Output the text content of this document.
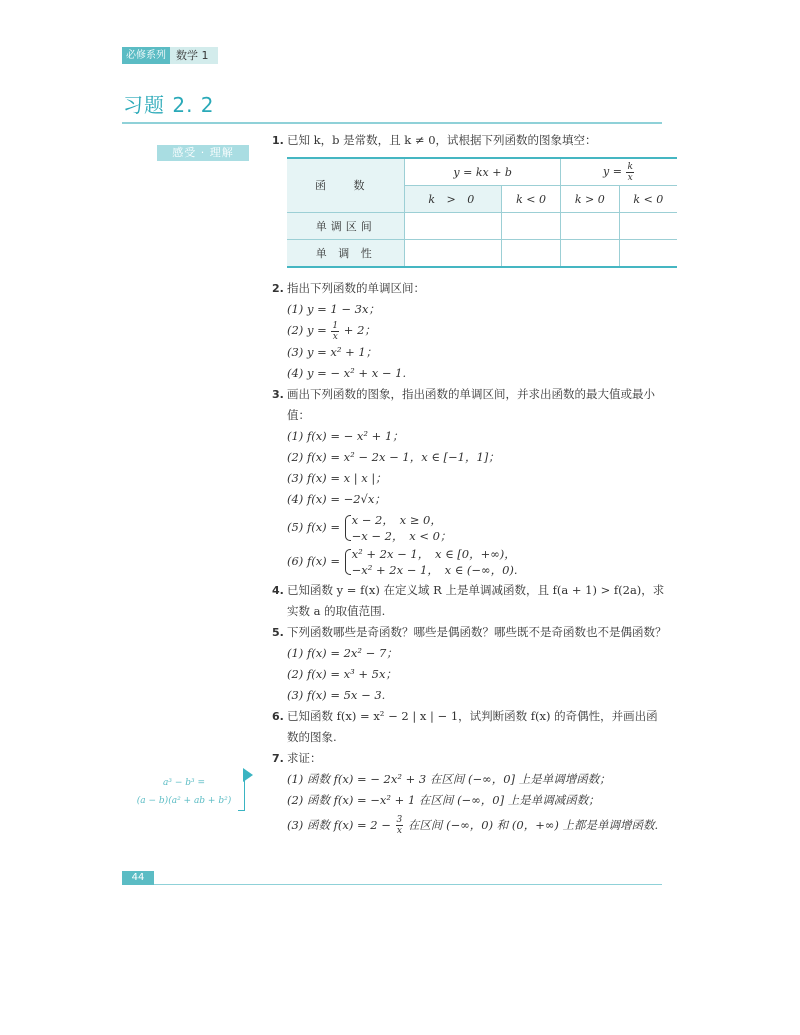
必修系列 数学 1
习题 2. 2
感受 · 理解
1. 已知 k，b 是常数，且 k ≠ 0，试根据下列函数的图象填空：
函 数	y = kx + b		$y = \frac{k}{x}$

	k > 0	k < 0	k > 0	k < 0
单调区间				
单 调 性				
2. 指出下列函数的单调区间：
(1) y = 1 − 3x；
(2) $y = \frac{1}{x} + 2$；
(3) y = x² + 1；
(4) y = − x² + x − 1.
3. 画出下列函数的图象，指出函数的单调区间，并求出函数的最大值或最小值：
(1) f(x) = − x² + 1；
(2) f(x) = x² − 2x − 1，x ∈ [−1，1]；
(3) f(x) = x | x |；
(4) f(x) = −2√x；
(5) f(x) = x − 2，　x ≥ 0，
−x − 2，　x < 0；
(6) f(x) = x² + 2x − 1，　x ∈ [0，+∞)，
−x² + 2x − 1，　x ∈ (−∞，0).
4. 已知函数 y = f(x) 在定义域 R 上是单调减函数，且 f(a + 1) > f(2a)，求实数 a 的取值范围.
5. 下列函数哪些是奇函数？哪些是偶函数？哪些既不是奇函数也不是偶函数？
(1) f(x) = 2x² − 7；
(2) f(x) = x³ + 5x；
(3) f(x) = 5x − 3.
6. 已知函数 f(x) = x² − 2 | x | − 1，试判断函数 f(x) 的奇偶性，并画出函数的图象.
7. 求证：
(1) 函数 f(x) = − 2x² + 3 在区间 (−∞，0] 上是单调增函数；
(2) 函数 f(x) = −x² + 1 在区间 (−∞，0] 上是单调减函数；
(3) 函数 $f(x) = 2 - \frac{3}{x}$ 在区间 (−∞，0) 和 (0，+∞) 上都是单调增函数.
a³ − b³ =
(a − b)(a² + ab + b²)
44
